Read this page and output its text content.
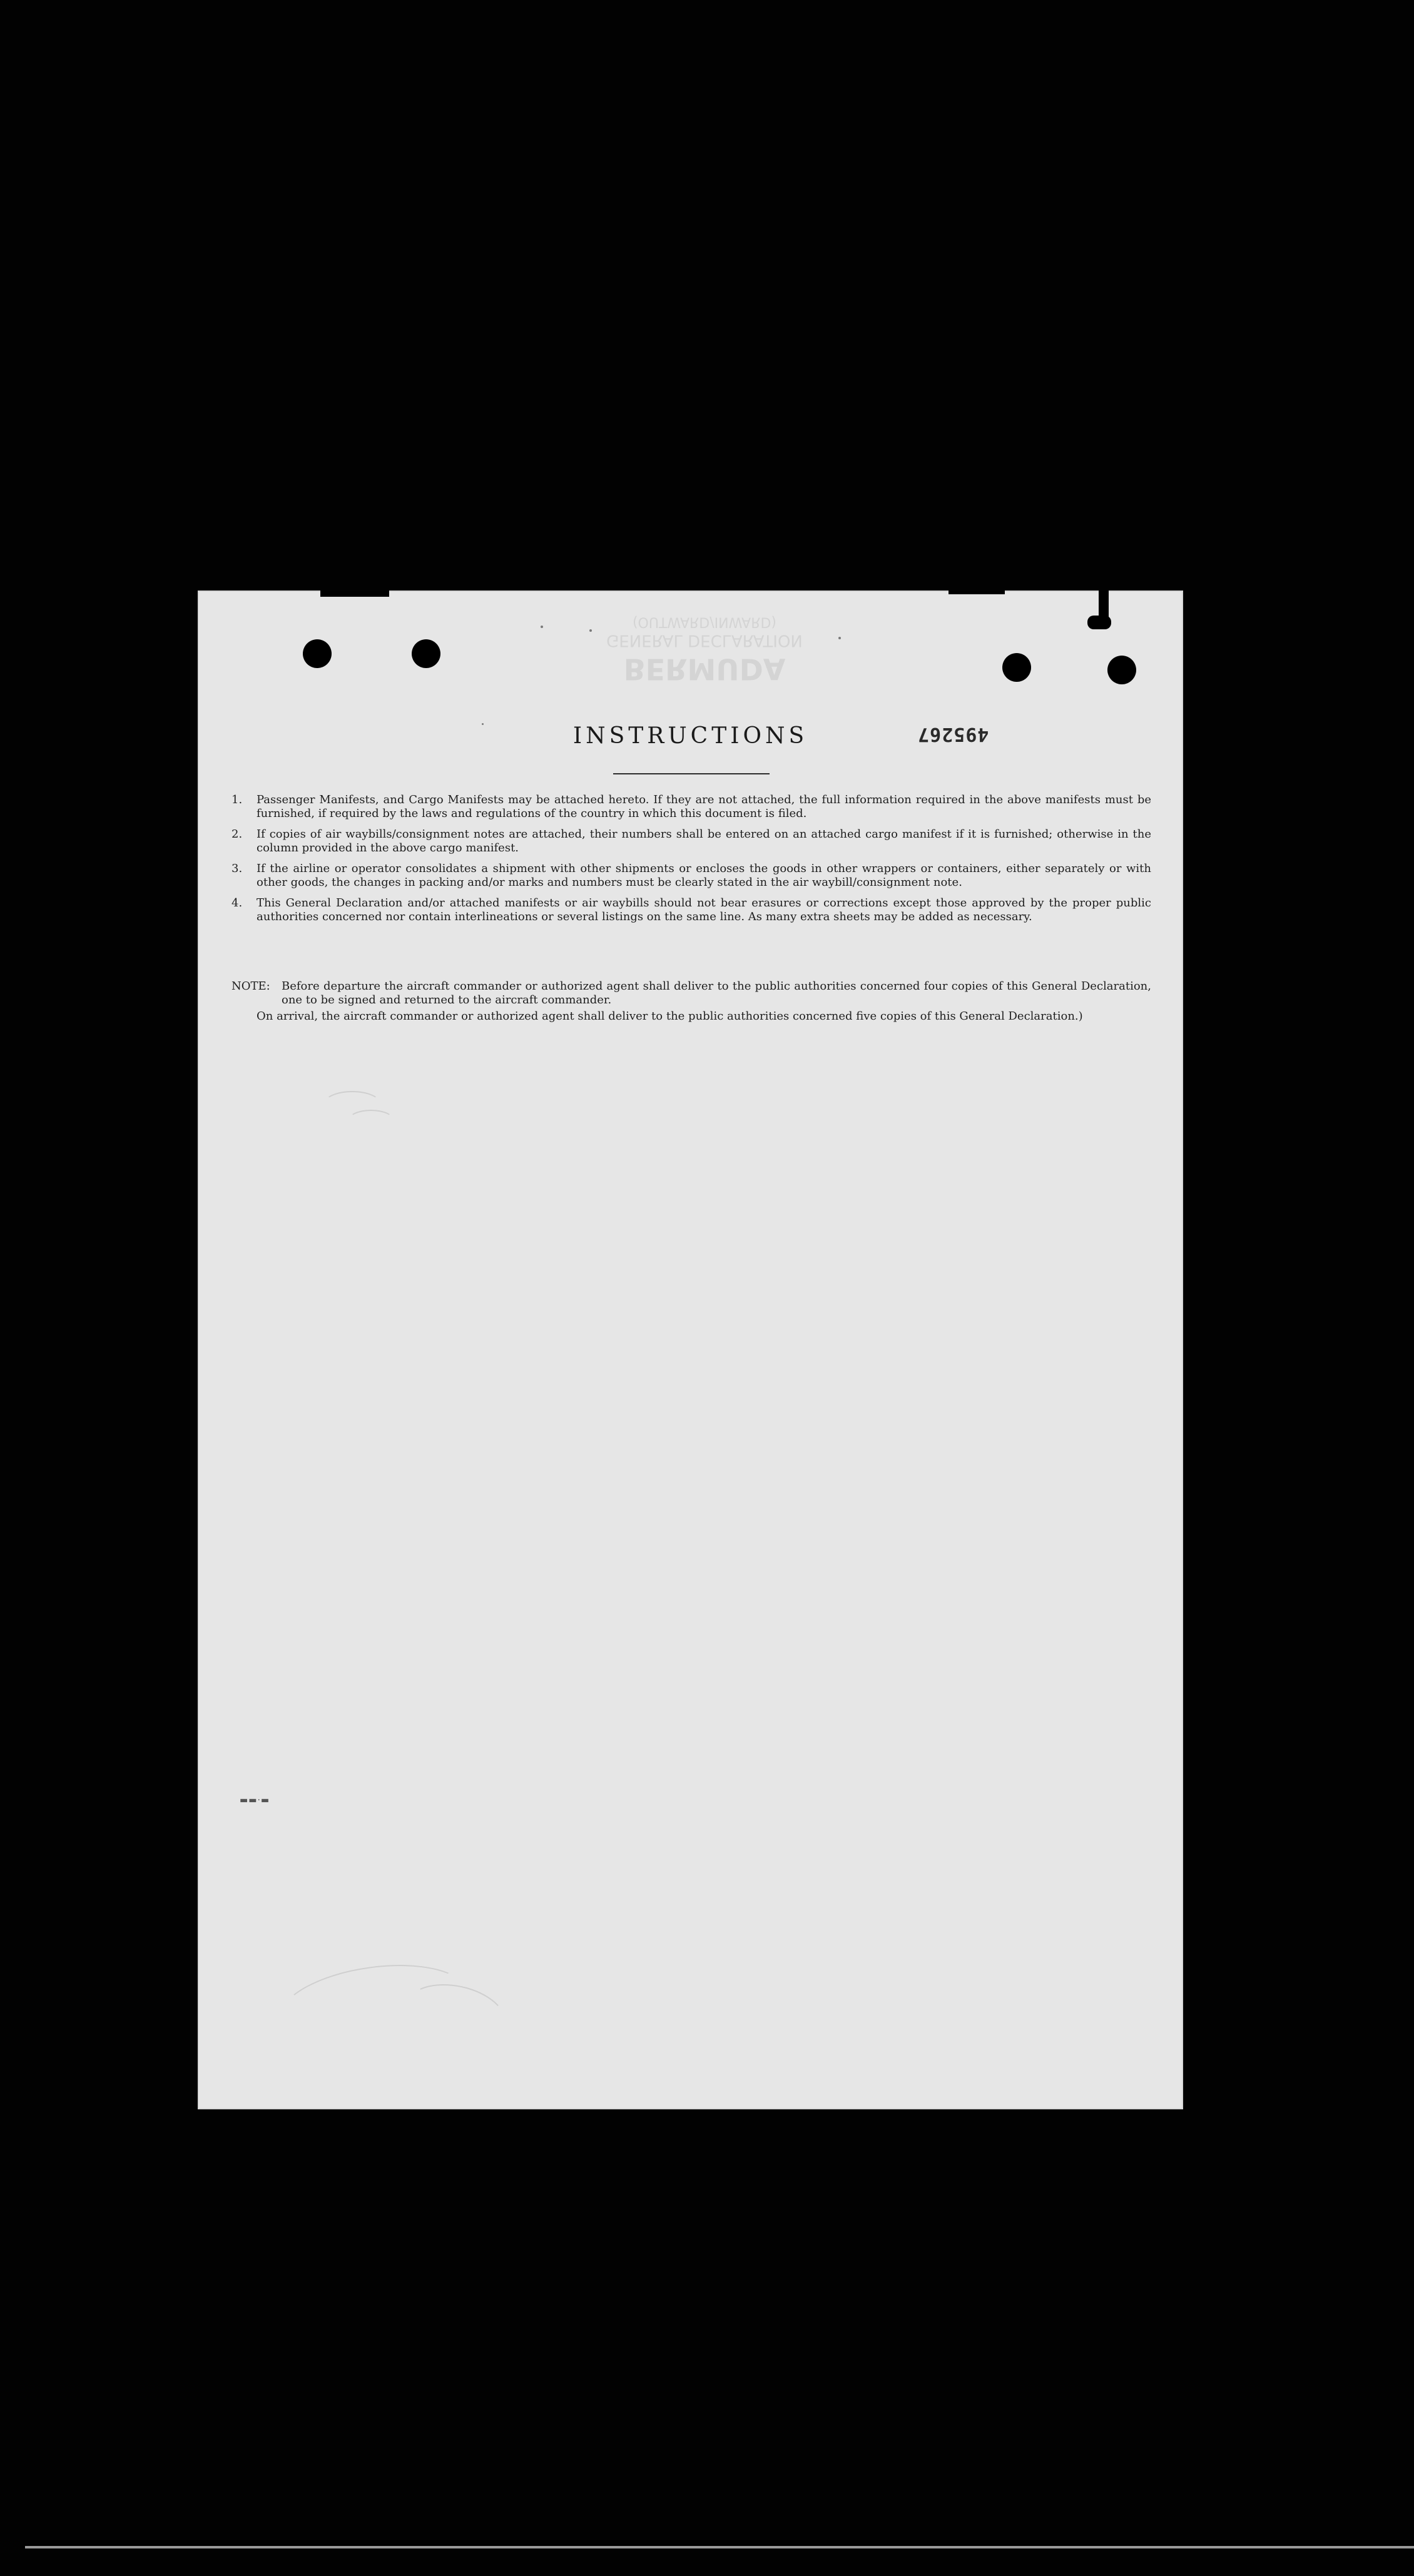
BERMUDA
GENERAL DECLARATION
(OUTWARD/INWARD)
495267
INSTRUCTIONS
1.	Passenger Manifests, and Cargo Manifests may be attached hereto. If they are not attached, the full information required in the above manifests must be furnished, if required by the laws and regulations of the country in which this document is filed.
2.	If copies of air waybills/consignment notes are attached, their numbers shall be entered on an attached cargo manifest if it is furnished; otherwise in the column provided in the above cargo manifest.
3.	If the airline or operator consolidates a shipment with other shipments or encloses the goods in other wrappers or containers, either separately or with other goods, the changes in packing and/or marks and numbers must be clearly stated in the air waybill/consignment note.
4.	This General Declaration and/or attached manifests or air waybills should not bear erasures or corrections except those approved by the proper public authorities concerned nor contain interlineations or several listings on the same line. As many extra sheets may be added as necessary.
NOTE:	Before departure the aircraft commander or authorized agent shall deliver to the public authorities concerned four copies of this General Declaration, one to be signed and returned to the aircraft commander.
On arrival, the aircraft commander or authorized agent shall deliver to the public authorities concerned five copies of this General Declaration.)
▬▬·▬
